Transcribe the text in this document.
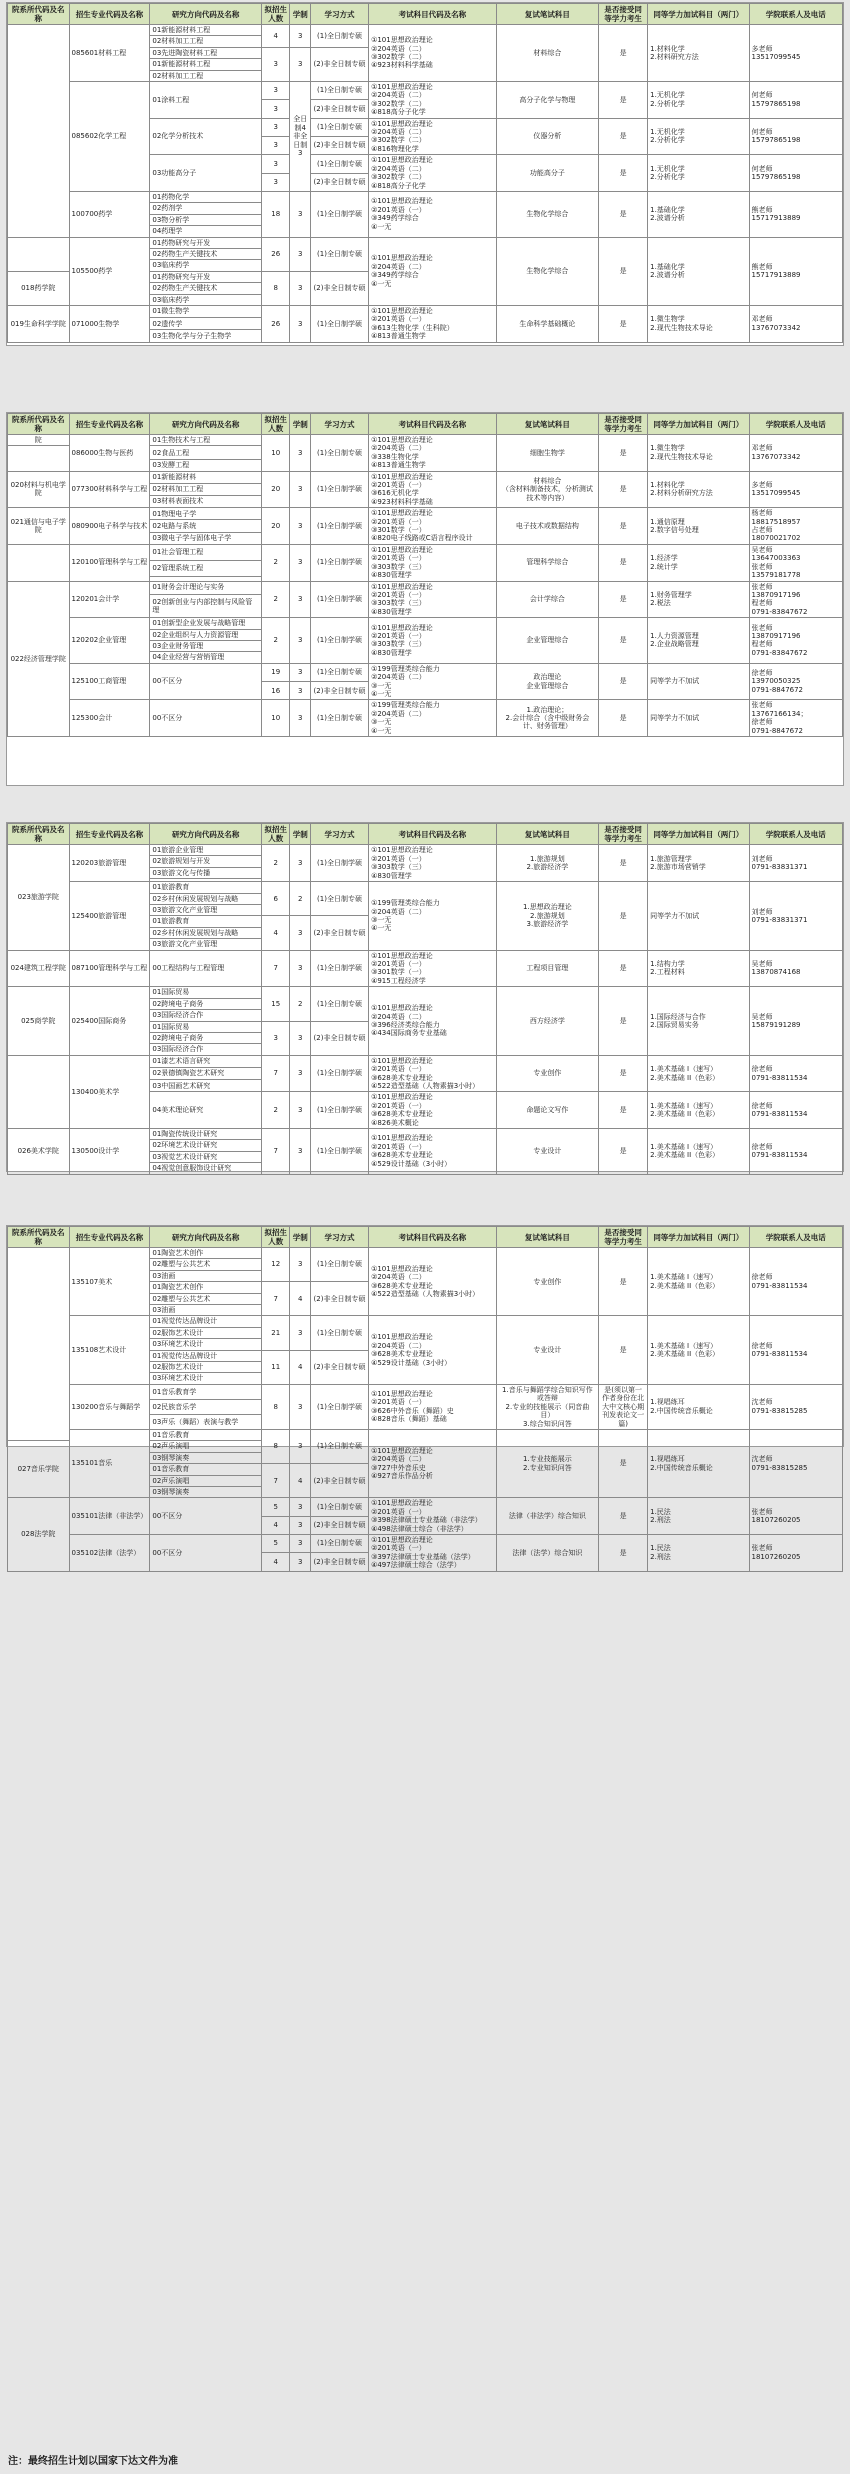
院系所代码及名称	招生专业代码及名称	研究方向代码及名称	拟招生人数	学制	学习方式	考试科目代码及名称	复试笔试科目	是否接受同等学力考生	同等学力加试科目（两门）	学院联系人及电话
	085601材料工程	01新能源材料工程	4	3	(1)全日制专硕	①101思想政治理论
②204英语（二）
③302数学（二）
④923材料科学基础	材料综合	是	1.材料化学
2.材料研究方法	多老师
13517099545
		02材料加工工程								
		03先进陶瓷材料工程	3	3	(2)非全日制专硕					
		01新能源材料工程								
		02材料加工工程								
	085602化学工程	01涂料工程	3	全日制4
非全日制3	(1)全日制专硕	①101思想政治理论
②204英语（二）
③302数学（二）
④818高分子化学	高分子化学与物理	是	1.无机化学
2.分析化学	何老师
15797865198
			3		(2)非全日制专硕					
		02化学分析技术	3		(1)全日制专硕	①101思想政治理论
②204英语（二）
③302数学（二）
④816物理化学	仪器分析	是	1.无机化学
2.分析化学	何老师
15797865198
			3		(2)非全日制专硕					
		03功能高分子	3		(1)全日制专硕	①101思想政治理论
②204英语（二）
③302数学（二）
④818高分子化学	功能高分子	是	1.无机化学
2.分析化学	何老师
15797865198
			3		(2)非全日制专硕					
	100700药学	01药物化学	18	3	(1)全日制学硕	①101思想政治理论
②201英语（一）
③349药学综合
④一无	生物化学综合	是	1.基础化学
2.波谱分析	熊老师
15717913889
		02药剂学								
		03物分析学								
		04药理学								
	105500药学	01药物研究与开发	26	3	(1)全日制专硕	①101思想政治理论
②204英语（二）
③349药学综合
④一无	生物化学综合	是	1.基础化学
2.波谱分析	熊老师
15717913889
		02药物生产关键技术								
		03临床药学								
018药学院		01药物研究与开发	8	3	(2)非全日制专硕					
		02药物生产关键技术								
		03临床药学								
019生命科学学院	071000生物学	01微生物学	26	3	(1)全日制学硕	①101思想政治理论
②201英语（一）
③613生物化学（生科院）
④813普通生物学	生命科学基础概论	是	1.微生物学
2.现代生物技术导论	邓老师
13767073342
		02遗传学								
		03生物化学与分子生物学								
院系所代码及名称	招生专业代码及名称	研究方向代码及名称	拟招生人数	学制	学习方式	考试科目代码及名称	复试笔试科目	是否接受同等学力考生	同等学力加试科目（两门）	学院联系人及电话
院	086000生物与医药	01生物技术与工程	10	3	(1)全日制专硕	①101思想政治理论
②204英语（二）
③338生物化学
④813普通生物学	细胞生物学	是	1.微生物学
2.现代生物技术导论	邓老师
13767073342
		02食品工程								
		03发酵工程								
020材料与机电学院	077300材料科学与工程	01新能源材料	20	3	(1)全日制学硕	①101思想政治理论
②201英语（一）
③616无机化学
④923材料科学基础	材料综合
（含材料制备技术，分析测试技术等内容）	是	1.材料化学
2.材料分析研究方法	多老师
13517099545
		02材料加工工程								
		03材料表面技术								
021通信与电子学院	080900电子科学与技术	01物理电子学	20	3	(1)全日制学硕	①101思想政治理论
②201英语（一）
③301数学（一）
④820电子线路或C语言程序设计	电子技术或数据结构	是	1.通信原理
2.数字信号处理	杨老师
18817518957
占老师
18070021702
		02电路与系统								
		03微电子学与固体电子学								
	120100管理科学与工程	01社会管理工程	2	3	(1)全日制学硕	①101思想政治理论
②201英语（一）
③303数学（三）
④830管理学	管理科学综合	是	1.经济学
2.统计学	吴老师
13647003363
张老师
13579181778
		02管理系统工程								

022经济管理学院	120201会计学	01财务会计理论与实务	2	3	(1)全日制学硕	①101思想政治理论
②201英语（一）
③303数学（三）
④830管理学	会计学综合	是	1.财务管理学
2.税法	张老师
13870917196
程老师
0791-83847672
		02创新创业与内部控制与风险管理								
	120202企业管理	01创新型企业发展与战略管理	2	3	(1)全日制学硕	①101思想政治理论
②201英语（一）
③303数学（三）
④830管理学	企业管理综合	是	1.人力资源管理
2.企业战略管理	张老师
13870917196
程老师
0791-83847672
		02企业组织与人力资源管理								
		03企业财务管理								
		04企业经营与营销管理								
	125100工商管理	00不区分	19	3	(1)全日制专硕	①199管理类综合能力
②204英语（二）
③一无
④一无	政治理论
企业管理综合	是	同等学力不加试	徐老师
13970050325
0791-8847672
			16	3	(2)非全日制专硕					
	125300会计	00不区分	10	3	(1)全日制专硕	①199管理类综合能力
②204英语（二）
③一无
④一无	1.政治理论；
2.会计综合（含中级财务会计、财务管理）	是	同等学力不加试	张老师
13767166134；
徐老师
0791-8847672

院系所代码及名称	招生专业代码及名称	研究方向代码及名称	拟招生人数	学制	学习方式	考试科目代码及名称	复试笔试科目	是否接受同等学力考生	同等学力加试科目（两门）	学院联系人及电话
023旅游学院	120203旅游管理	01旅游企业管理	2	3	(1)全日制学硕	①101思想政治理论
②201英语（一）
③303数学（三）
④830管理学	1.旅游规划
2.旅游经济学	是	1.旅游管理学
2.旅游市场营销学	刘老师
0791-83831371
		02旅游规划与开发								
		03旅游文化与传播								

	125400旅游管理	01旅游教育	6	2	(1)全日制专硕	①199管理类综合能力
②204英语（二）
③一无
④一无	1.思想政治理论
2.旅游规划
3.旅游经济学	是	同等学力不加试	刘老师
0791-83831371
		02乡村休闲发展规划与战略								
		03旅游文化产业管理								
		01旅游教育	4	3	(2)非全日制专硕					
		02乡村休闲发展规划与战略								
		03旅游文化产业管理								
024建筑工程学院	087100管理科学与工程	00工程结构与工程管理	7	3	(1)全日制学硕	①101思想政治理论
②201英语（一）
③301数学（一）
④915工程经济学	工程项目管理	是	1.结构力学
2.工程材料	吴老师
13870874168
025商学院	025400国际商务	01国际贸易	15	2	(1)全日制专硕	①101思想政治理论
②204英语（二）
③396经济类综合能力
④434国际商务专业基础	西方经济学	是	1.国际经济与合作
2.国际贸易实务	吴老师
15879191289
		02跨境电子商务								
		03国际经济合作								
		01国际贸易	3	3	(2)非全日制专硕					
		02跨境电子商务								
		03国际经济合作								
	130400美术学	01漆艺术语言研究	7	3	(1)全日制学硕	①101思想政治理论
②201英语（一）
③628美术专业理论
④522造型基础（人物素描3小时）	专业创作	是	1.美术基础 I（速写）
2.美术基础 II（色彩）	徐老师
0791-83811534
		02景德镇陶瓷艺术研究								
		03中国画艺术研究								
		04美术理论研究	2	3	(1)全日制学硕	①101思想政治理论
②201英语（一）
③628美术专业理论
④826美术概论	命题论文写作	是	1.美术基础 I（速写）
2.美术基础 II（色彩）	徐老师
0791-83811534
026美术学院	130500设计学	01陶瓷传统设计研究	7	3	(1)全日制学硕	①101思想政治理论
②201英语（一）
③628美术专业理论
④529设计基础（3小时）	专业设计	是	1.美术基础 I（速写）
2.美术基础 II（色彩）	徐老师
0791-83811534
		02环境艺术设计研究								
		03视觉艺术设计研究								
		04视觉创意服饰设计研究								
院系所代码及名称	招生专业代码及名称	研究方向代码及名称	拟招生人数	学制	学习方式	考试科目代码及名称	复试笔试科目	是否接受同等学力考生	同等学力加试科目（两门）	学院联系人及电话
	135107美术	01陶瓷艺术创作	12	3	(1)全日制专硕	①101思想政治理论
②204英语（二）
③628美术专业理论
④522造型基础（人物素描3小时）	专业创作	是	1.美术基础 I（速写）
2.美术基础 II（色彩）	徐老师
0791-83811534
		02雕塑与公共艺术								
		03油画								
		01陶瓷艺术创作	7	4	(2)非全日制专硕					
		02雕塑与公共艺术								
		03油画								
	135108艺术设计	01视觉传达品牌设计	21	3	(1)全日制专硕	①101思想政治理论
②204英语（二）
③628美术专业理论
④529设计基础（3小时）	专业设计	是	1.美术基础 I（速写）
2.美术基础 II（色彩）	徐老师
0791-83811534
		02服饰艺术设计								
		03环境艺术设计								
		01视觉传达品牌设计	11	4	(2)非全日制专硕					
		02服饰艺术设计								
		03环境艺术设计								
	130200音乐与舞蹈学	01音乐教育学	8	3	(1)全日制学硕	①101思想政治理论
②201英语（一）
③626中外音乐（舞蹈）史
④828音乐（舞蹈）基础	1.音乐与舞蹈学综合知识写作或答辩
2.专业的技能展示（同音曲目）
3.综合知识问答	是(须以第一作者身份在北大中文核心期刊发表论文一篇)	1.视唱练耳
2.中国传统音乐概论	沈老师
0791-83815285
		02民族音乐学								
		03声乐（舞蹈）表演与教学								
	135101音乐	01音乐教育	8	3	(1)全日制专硕	①101思想政治理论
②204英语（二）
③727中外音乐史
④927音乐作品分析	1.专业技能展示
2.专业知识问答	是	1.视唱练耳
2.中国传统音乐概论	沈老师
0791-83815285
027音乐学院		02声乐演唱								
		03钢琴演奏								
		01音乐教育	7	4	(2)非全日制专硕					
		02声乐演唱								
		03钢琴演奏								
028法学院	035101法律（非法学）	00不区分	5	3	(1)全日制专硕	①101思想政治理论
②201英语（一）
③398法律硕士专业基础（非法学）
④498法律硕士综合（非法学）	法律（非法学）综合知识	是	1.民法
2.刑法	张老师
18107260205
			4	3	(2)非全日制专硕					
	035102法律（法学）	00不区分	5	3	(1)全日制专硕	①101思想政治理论
②201英语（一）
③397法律硕士专业基础（法学）
④497法律硕士综合（法学）	法律（法学）综合知识	是	1.民法
2.刑法	张老师
18107260205
			4	3	(2)非全日制专硕					
注：最终招生计划以国家下达文件为准
